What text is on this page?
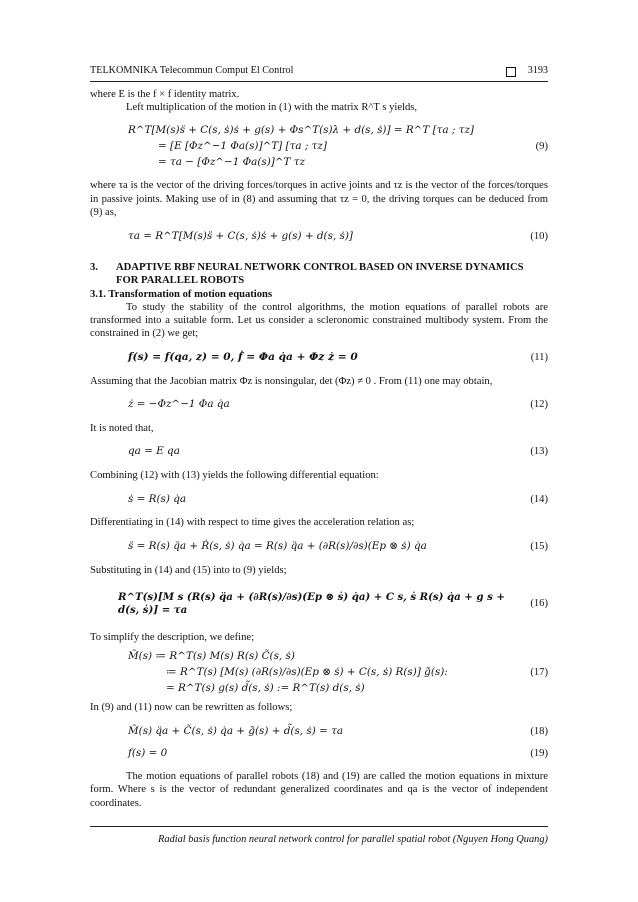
TELKOMNIKA Telecommun Comput El Control	3193

where E is the f × f identity matrix.

Left multiplication of the motion in (1) with the matrix R^T s yields,

R^T[M(s)s̈ + C(s, ṡ)ṡ + g(s) + Φs^T(s)λ + d(s, ṡ)] = R^T [τa ; τz]
= [E [Φz^−1 Φa(s)]^T] [τa ; τz]
= τa − [Φz^−1 Φa(s)]^T τz
(9)

where τa is the vector of the driving forces/torques in active joints and τz is the vector of the forces/torques in passive joints. Making use of in (8) and assuming that τz = 0, the driving torques can be deduced from (9) as,

τa = R^T[M(s)s̈ + C(s, ṡ)ṡ + g(s) + d(s, ṡ)]	(10)
3.	ADAPTIVE RBF NEURAL NETWORK CONTROL BASED ON INVERSE DYNAMICS FOR PARALLEL ROBOTS

3.1. Transformation of motion equations

To study the stability of the control algorithms, the motion equations of parallel robots are transformed into a suitable form. Let us consider a scleronomic constrained multibody system. From the constrained in (2) we get;

f(s) = f(qa, z) = 0, ḟ = Φa q̇a + Φz ż = 0	(11)

Assuming that the Jacobian matrix Φz is nonsingular, det (Φz) ≠ 0 . From (11) one may obtain,

ż = −Φz^−1 Φa q̇a	(12)

It is noted that,

qa = E qa	(13)

Combining (12) with (13) yields the following differential equation:

ṡ = R(s) q̇a	(14)

Differentiating in (14) with respect to time gives the acceleration relation as;

s̈ = R(s) q̈a + Ṙ(s, ṡ) q̇a = R(s) q̈a + (∂R(s)/∂s)(Ep ⊗ ṡ) q̇a	(15)

Substituting in (14) and (15) into to (9) yields;

R^T(s)[M s (R(s) q̈a + (∂R(s)/∂s)(Ep ⊗ ṡ) q̇a) + C s, ṡ R(s) q̇a + g s + d(s, ṡ)] = τa
(16)

To simplify the description, we define;

M̃(s) ≔ R^T(s) M(s) R(s) C̃(s, ṡ)
≔ R^T(s) [M(s) (∂R(s)/∂s)(Ep ⊗ ṡ) + C(s, ṡ) R(s)] g̃(s):
= R^T(s) g(s) d̃(s, ṡ) := R^T(s) d(s, ṡ)
(17)

In (9) and (11) now can be rewritten as follows;

M̃(s) q̈a + C̃(s, ṡ) q̇a + g̃(s) + d̃(s, ṡ) = τa	(18)
f(s) = 0	(19)

The motion equations of parallel robots (18) and (19) are called the motion equations in mixture form. Where s is the vector of redundant generalized coordinates and qa is the vector of independent coordinates.

Radial basis function neural network control for parallel spatial robot (Nguyen Hong Quang)
